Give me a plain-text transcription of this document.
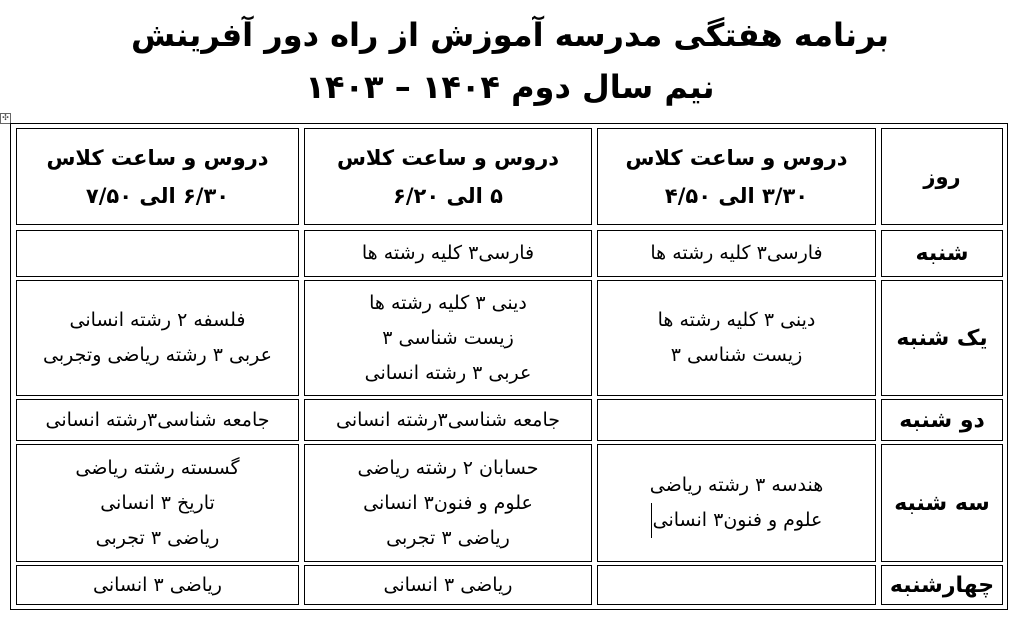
برنامه هفتگی مدرسه آموزش از راه دور آفرینش
نیم سال دوم ۱۴۰۴ – ۱۴۰۳
✣
روز
دروس و ساعت کلاس
۳/۳۰ الی ۴/۵۰
دروس و ساعت کلاس
۵ الی ۶/۲۰
دروس و ساعت کلاس
۶/۳۰ الی ۷/۵۰
شنبه
فارسی۳ کلیه رشته ها
فارسی۳ کلیه رشته ها
یک شنبه
دینی ۳ کلیه رشته ها
زیست شناسی ۳
دینی ۳ کلیه رشته ها
زیست شناسی ۳
عربی ۳ رشته انسانی
فلسفه ۲ رشته انسانی
عربی ۳ رشته ریاضی وتجربی
دو شنبه
جامعه شناسی۳رشته انسانی
جامعه شناسی۳رشته انسانی
سه شنبه
هندسه ۳ رشته ریاضی
علوم و فنون۳ انسانی
حسابان ۲ رشته ریاضی
علوم و فنون۳ انسانی
ریاضی ۳ تجربی
گسسته رشته ریاضی
تاریخ ۳ انسانی
ریاضی ۳ تجربی
چهارشنبه
ریاضی ۳ انسانی
ریاضی ۳ انسانی
